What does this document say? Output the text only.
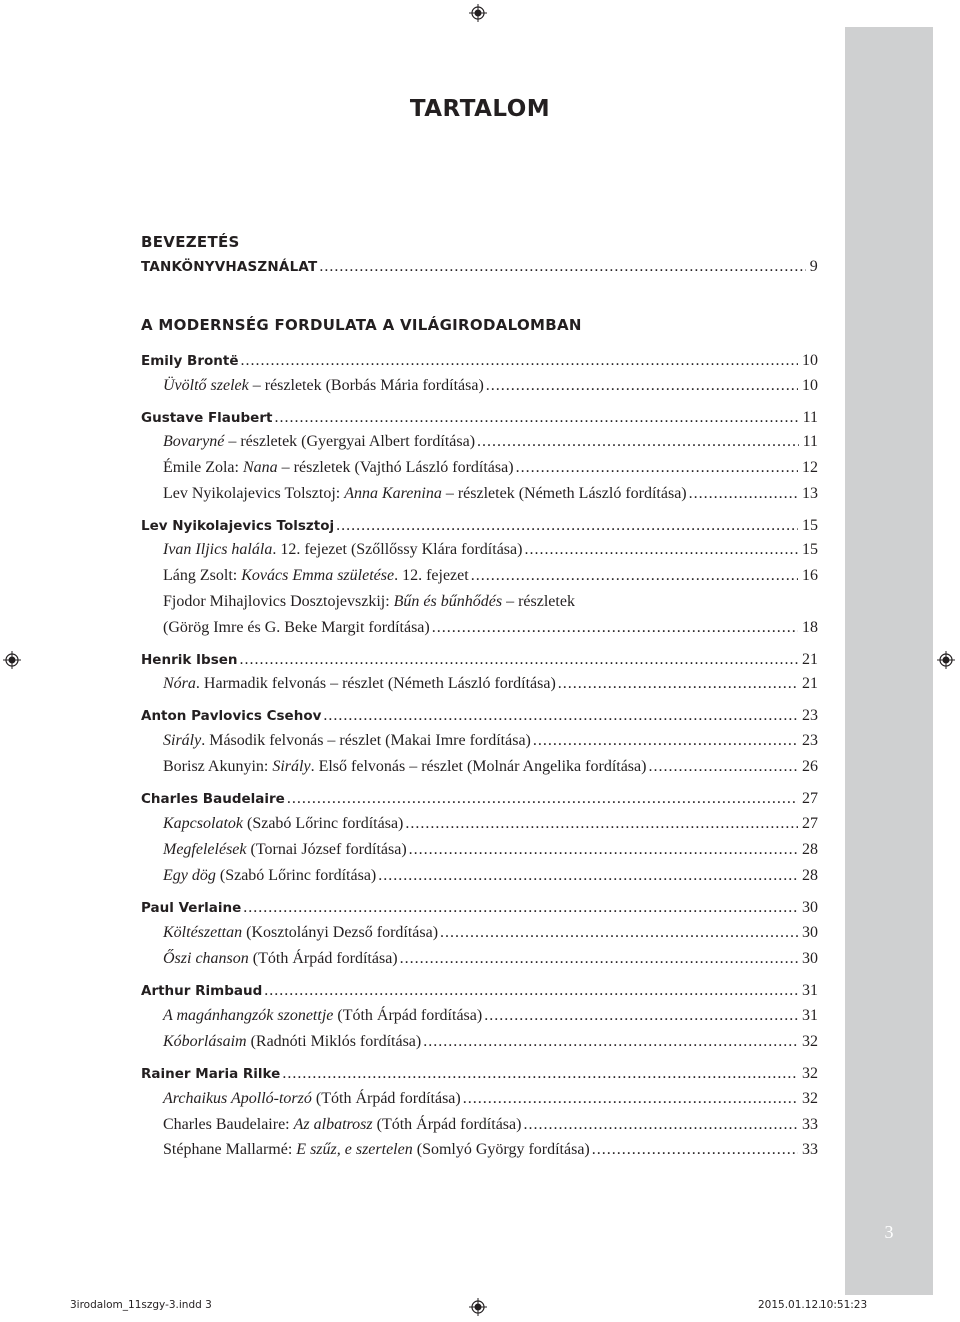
3
TARTALOM
BEVEZETÉS
A MODERNSÉG FORDULATA A VILÁGIRODALOMBAN
TANKÖNYVHASZNÁLAT .....	9
Emily Brontë .....	10
Üvöltő szelek – részletek (Borbás Mária fordítása) .....	10
Gustave Flaubert .....	11
Bovaryné – részletek (Gyergyai Albert fordítása) .....	11
Émile Zola: Nana – részletek (Vajthó László fordítása) .....	12
Lev Nyikolajevics Tolsztoj: Anna Karenina – részletek (Németh László fordítása) .....	13
Lev Nyikolajevics Tolsztoj .....	15
Ivan Iljics halála. 12. fejezet (Szőllőssy Klára fordítása) .....	15
Láng Zsolt: Kovács Emma születése. 12. fejezet .....	16
Fjodor Mihajlovics Dosztojevszkij: Bűn és bűnhődés – részletek
(Görög Imre és G. Beke Margit fordítása) .....	18
Henrik Ibsen .....	21
Nóra. Harmadik felvonás – részlet (Németh László fordítása) .....	21
Anton Pavlovics Csehov .....	23
Sirály. Második felvonás – részlet (Makai Imre fordítása) .....	23
Borisz Akunyin: Sirály. Első felvonás – részlet (Molnár Angelika fordítása) .....	26
Charles Baudelaire .....	27
Kapcsolatok (Szabó Lőrinc fordítása) .....	27
Megfelelések (Tornai József fordítása) .....	28
Egy dög (Szabó Lőrinc fordítása) .....	28
Paul Verlaine .....	30
Költészettan (Kosztolányi Dezső fordítása) .....	30
Őszi chanson (Tóth Árpád fordítása) .....	30
Arthur Rimbaud .....	31
A magánhangzók szonettje (Tóth Árpád fordítása) .....	31
Kóborlásaim (Radnóti Miklós fordítása) .....	32
Rainer Maria Rilke .....	32
Archaikus Apolló-torzó (Tóth Árpád fordítása) .....	32
Charles Baudelaire: Az albatrosz (Tóth Árpád fordítása) .....	33
Stéphane Mallarmé: E szűz, e szertelen (Somlyó György fordítása) .....	33
3irodalom_11szgy-3.indd 3	2015.01.12.
10:51:23
